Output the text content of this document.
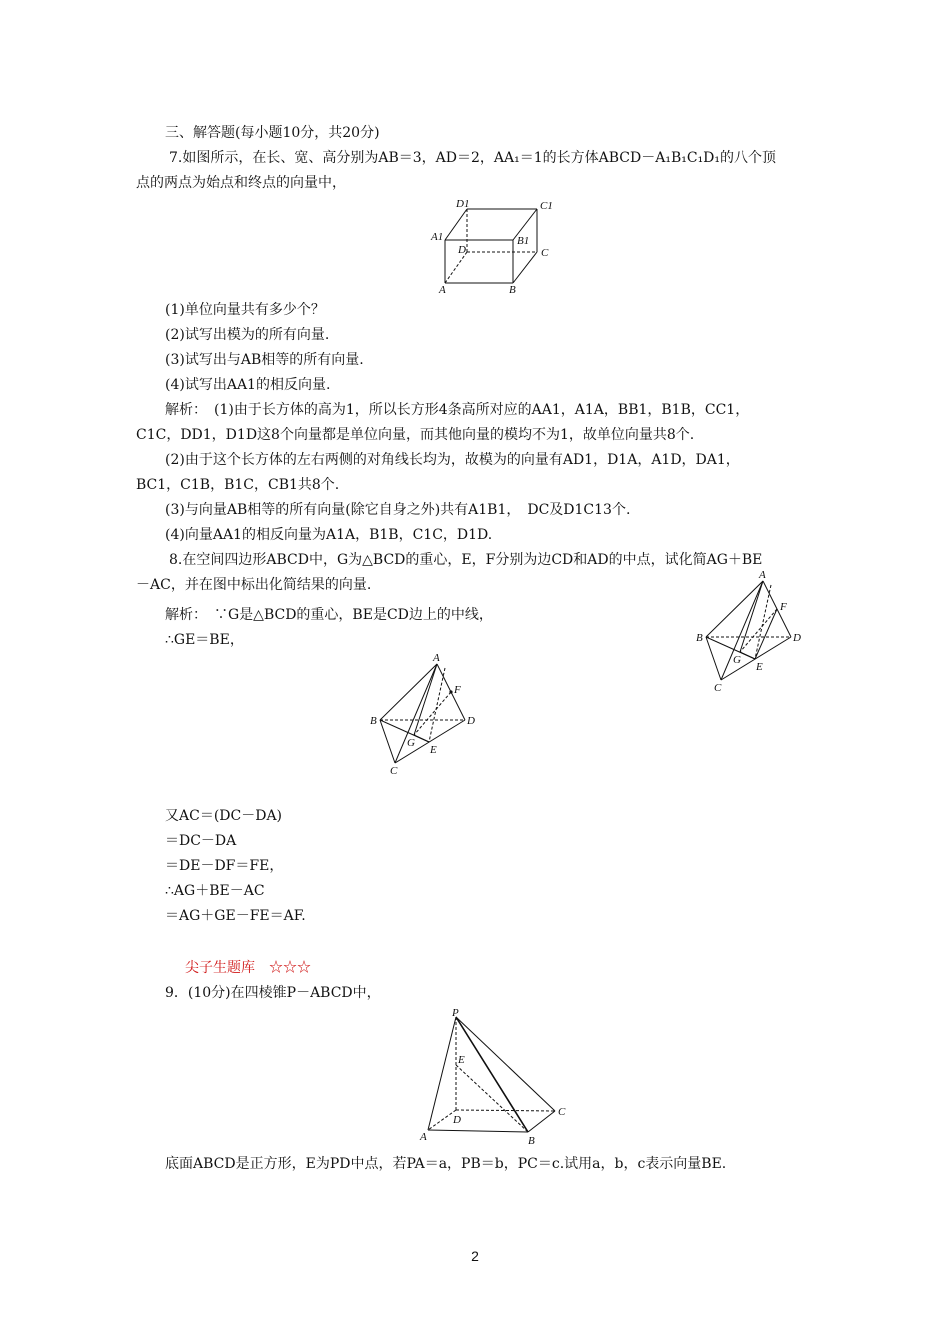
三、解答题(每小题10分，共20分)
7.如图所示，在长、宽、高分别为AB＝3，AD＝2，AA₁＝1的长方体ABCD－A₁B₁C₁D₁的八个顶
点的两点为始点和终点的向量中，
D1	C1
A1	B1
D	C
A	B
(1)单位向量共有多少个？
(2)试写出模为的所有向量.
(3)试写出与AB相等的所有向量.
(4)试写出AA1的相反向量.
解析：　(1)由于长方体的高为1，所以长方形4条高所对应的AA1，A1A，BB1，B1B，CC1，
C1C，DD1，D1D这8个向量都是单位向量，而其他向量的模均不为1，故单位向量共8个.
(2)由于这个长方体的左右两侧的对角线长均为，故模为的向量有AD1，D1A，A1D，DA1，
BC1，C1B，B1C，CB1共8个.
(3)与向量AB相等的所有向量(除它自身之外)共有A1B1，　DC及D1C13个.
(4)向量AA1的相反向量为A1A，B1B，C1C，D1D.
8.在空间四边形ABCD中，G为△BCD的重心，E，F分别为边CD和AD的中点，试化简AG＋BE
－AC，并在图中标出化简结果的向量.
解析：　∵G是△BCD的重心，BE是CD边上的中线，
∴GE＝BE，
A
B
C
D
E
F
G
A
B
C
D
E
F
G
又AC＝(DC－DA)
＝DC－DA
＝DE－DF＝FE，
∴AG＋BE－AC
＝AG＋GE－FE＝AF.
尖子生题库　☆☆☆
9．(10分)在四棱锥P－ABCD中，
P
E
D
C
A	B
底面ABCD是正方形，E为PD中点，若PA＝a，PB＝b，PC＝c.试用a，b，c表示向量BE.
2
